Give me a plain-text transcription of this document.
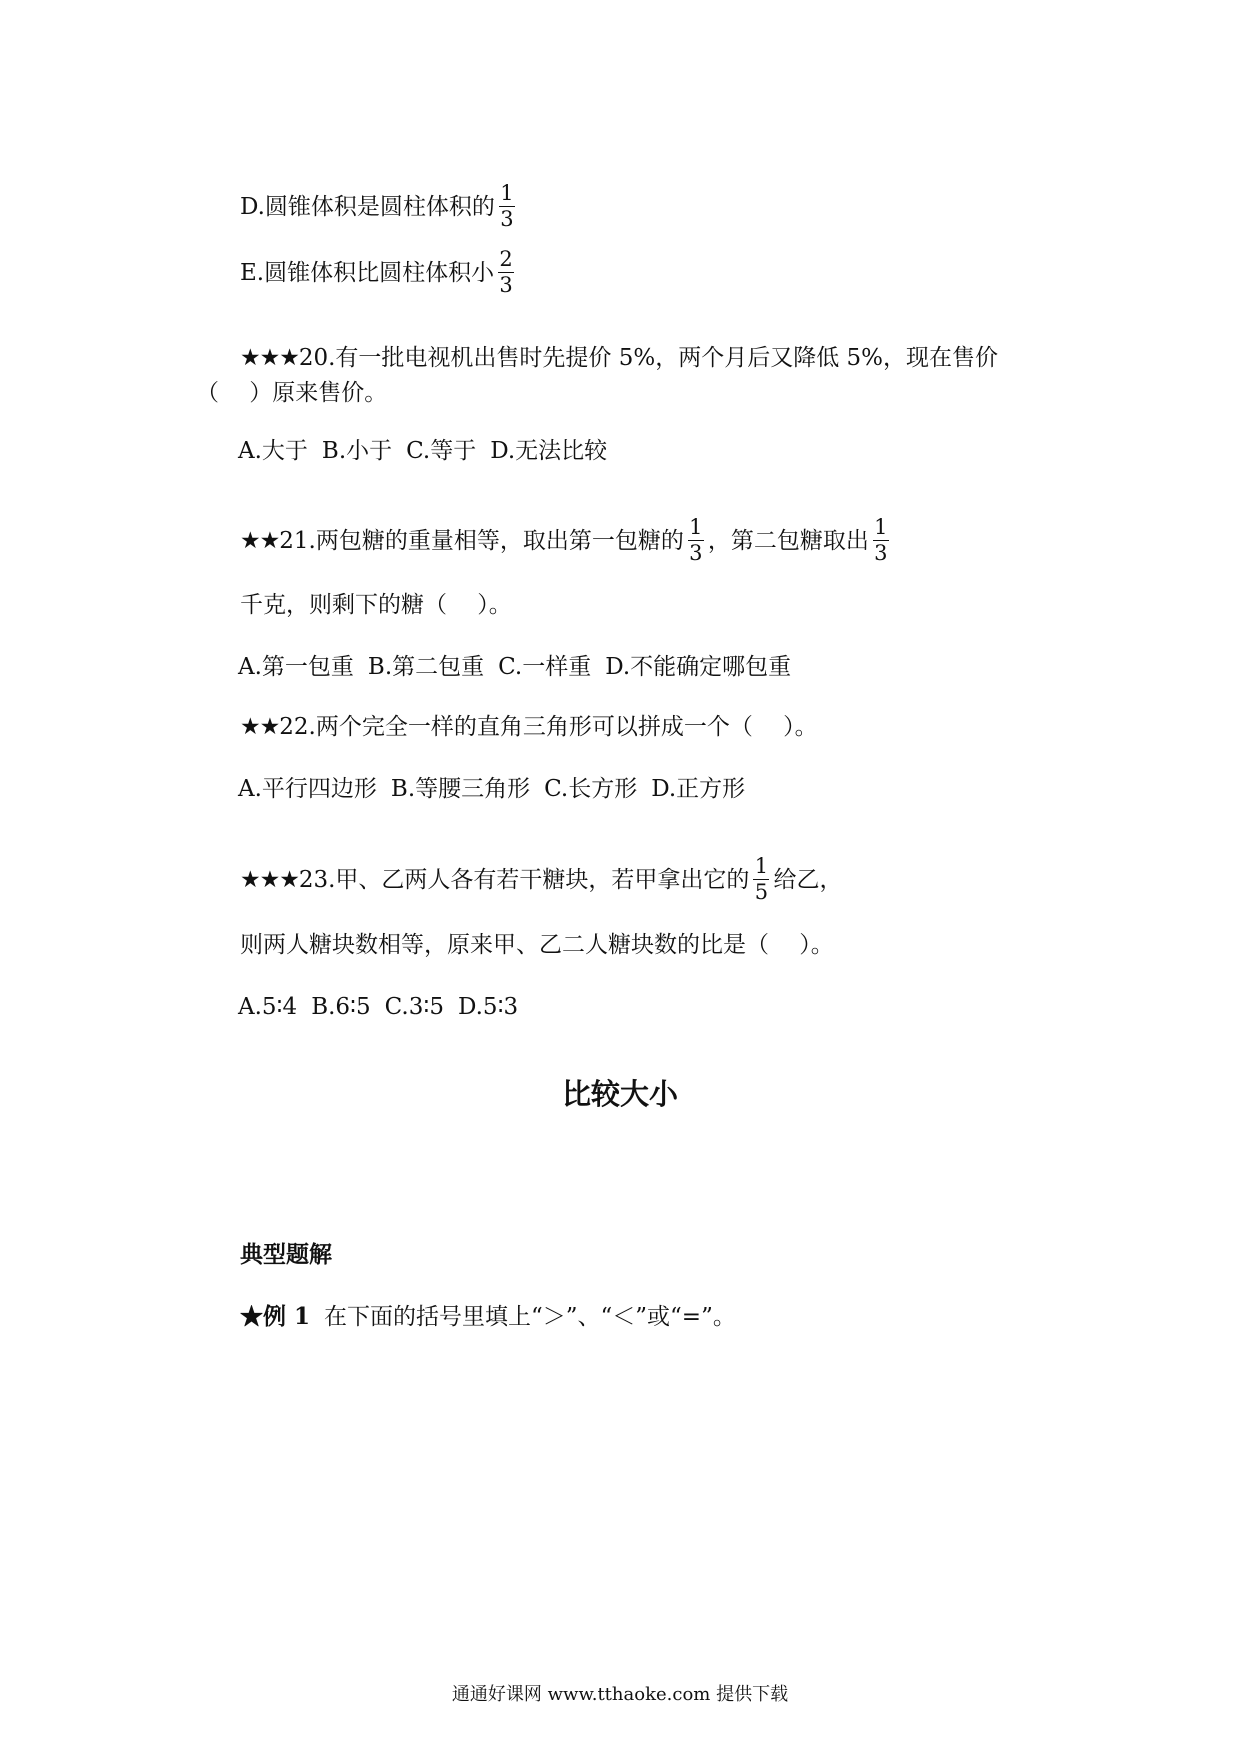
D.圆锥体积是圆柱体积的 $\frac{1}{3}$
E.圆锥体积比圆柱体积小 $\frac{2}{3}$
★★★ 20.有一批电视机出售时先提价 5%，两个月后又降低 5%，现在售价
（　 ）原来售价。
A.大于 B.小于 C.等于 D.无法比较
★★ 21.两包糖的重量相等，取出第一包糖的 $\frac{1}{3}$ ，第二包糖取出 $\frac{1}{3}$
千克，则剩下的糖（　 ）。
A.第一包重 B.第二包重 C.一样重 D.不能确定哪包重
★★ 22.两个完全一样的直角三角形可以拼成一个（　 ）。
A.平行四边形 B.等腰三角形 C.长方形 D.正方形
★★★ 23.甲、乙两人各有若干糖块，若甲拿出它的 $\frac{1}{5}$ 给乙，
则两人糖块数相等，原来甲、乙二人糖块数的比是（　 ）。
A.5∶4 B.6∶5 C.3∶5 D.5∶3
比较大小
典型题解
★例 1 在下面的括号里填上“＞”、“＜”或“=”。
通通好课网 www.tthaoke.com 提供下载
